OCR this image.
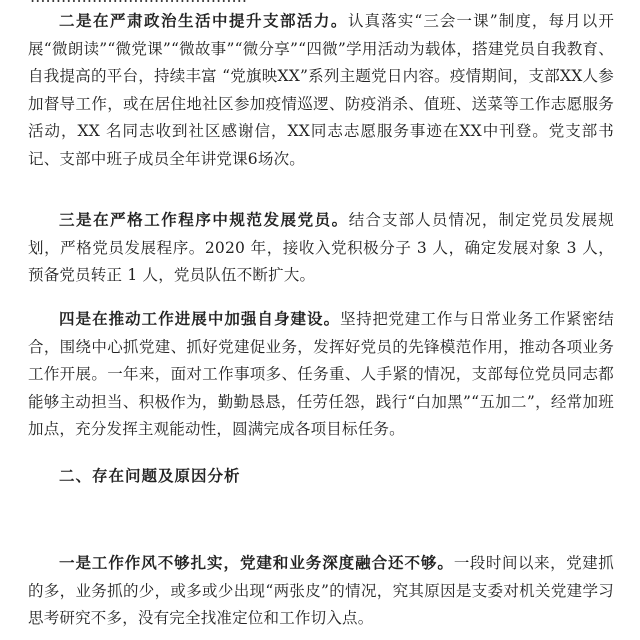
二是在严肃政治生活中提升支部活力。认真落实“三会一课”制度，每月以开展“微朗读”“微党课”“微故事”“微分享”“四微”学用活动为载体，搭建党员自我教育、自我提高的平台，持续丰富 “党旗映XX”系列主题党日内容。疫情期间，支部XX人参加督导工作，或在居住地社区参加疫情巡逻、防疫消杀、值班、送菜等工作志愿服务活动，XX 名同志收到社区感谢信，XX同志志愿服务事迹在XX中刊登。党支部书记、支部中班子成员全年讲党课6场次。

三是在严格工作程序中规范发展党员。结合支部人员情况，制定党员发展规划，严格党员发展程序。2020 年，接收入党积极分子 3 人，确定发展对象 3 人，预备党员转正 1 人，党员队伍不断扩大。

四是在推动工作进展中加强自身建设。坚持把党建工作与日常业务工作紧密结合，围绕中心抓党建、抓好党建促业务，发挥好党员的先锋模范作用，推动各项业务工作开展。一年来，面对工作事项多、任务重、人手紧的情况，支部每位党员同志都能够主动担当、积极作为，勤勤恳恳，任劳任怨，践行“白加黑”“五加二”，经常加班加点，充分发挥主观能动性，圆满完成各项目标任务。

二、存在问题及原因分析

一是工作作风不够扎实，党建和业务深度融合还不够。一段时间以来，党建抓的多，业务抓的少，或多或少出现“两张皮”的情况，究其原因是支委对机关党建学习思考研究不多，没有完全找准定位和工作切入点。
